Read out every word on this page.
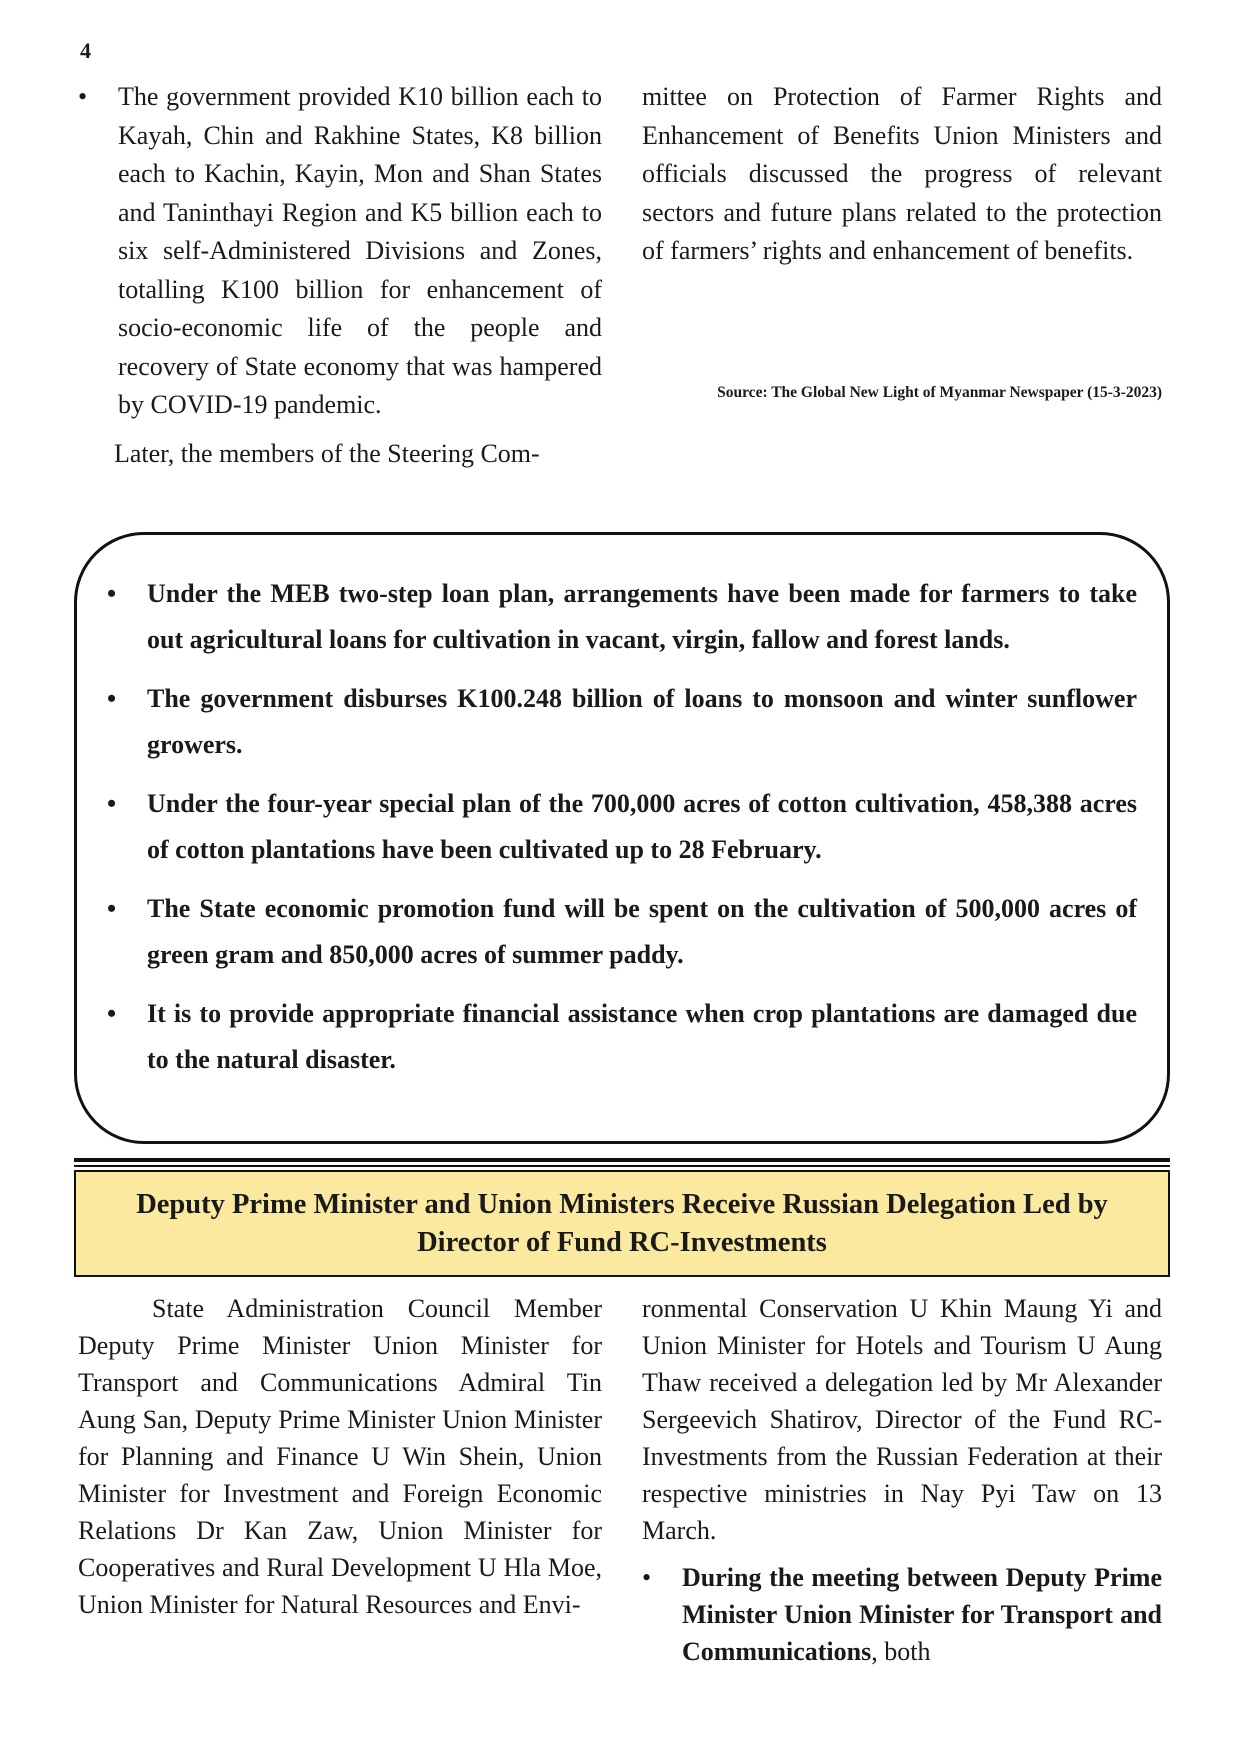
4

• The government provided K10 billion each to Kayah, Chin and Rakhine States, K8 billion each to Kachin, Kayin, Mon and Shan States and Taninthayi Region and K5 billion each to six self-Administered Divisions and Zones, totalling K100 billion for enhancement of socio-economic life of the people and recovery of State economy that was hampered by COVID-19 pandemic.

Later, the members of the Steering Com-

mittee on Protection of Farmer Rights and Enhancement of Benefits Union Ministers and officials discussed the progress of relevant sectors and future plans related to the protection of farmers’ rights and enhancement of benefits.

Source: The Global New Light of Myanmar Newspaper (15-3-2023)
• Under the MEB two-step loan plan, arrangements have been made for farmers to take out agricultural loans for cultivation in vacant, virgin, fallow and forest lands.
• The government disburses K100.248 billion of loans to monsoon and winter sunflower growers.
• Under the four-year special plan of the 700,000 acres of cotton cultivation, 458,388 acres of cotton plantations have been cultivated up to 28 February.
• The State economic promotion fund will be spent on the cultivation of 500,000 acres of green gram and 850,000 acres of summer paddy.
• It is to provide appropriate financial assistance when crop plantations are damaged due to the natural disaster.
Deputy Prime Minister and Union Ministers Receive Russian Delegation Led by Director of Fund RC-Investments

State Administration Council Member Deputy Prime Minister Union Minister for Transport and Communications Admiral Tin Aung San, Deputy Prime Minister Union Minister for Planning and Finance U Win Shein, Union Minister for Investment and Foreign Economic Relations Dr Kan Zaw, Union Minister for Cooperatives and Rural Development U Hla Moe, Union Minister for Natural Resources and Envi-

ronmental Conservation U Khin Maung Yi and Union Minister for Hotels and Tourism U Aung Thaw received a delegation led by Mr Alexander Sergeevich Shatirov, Director of the Fund RC-Investments from the Russian Federation at their respective ministries in Nay Pyi Taw on 13 March.

• During the meeting between Deputy Prime Minister Union Minister for Transport and Communications, both
